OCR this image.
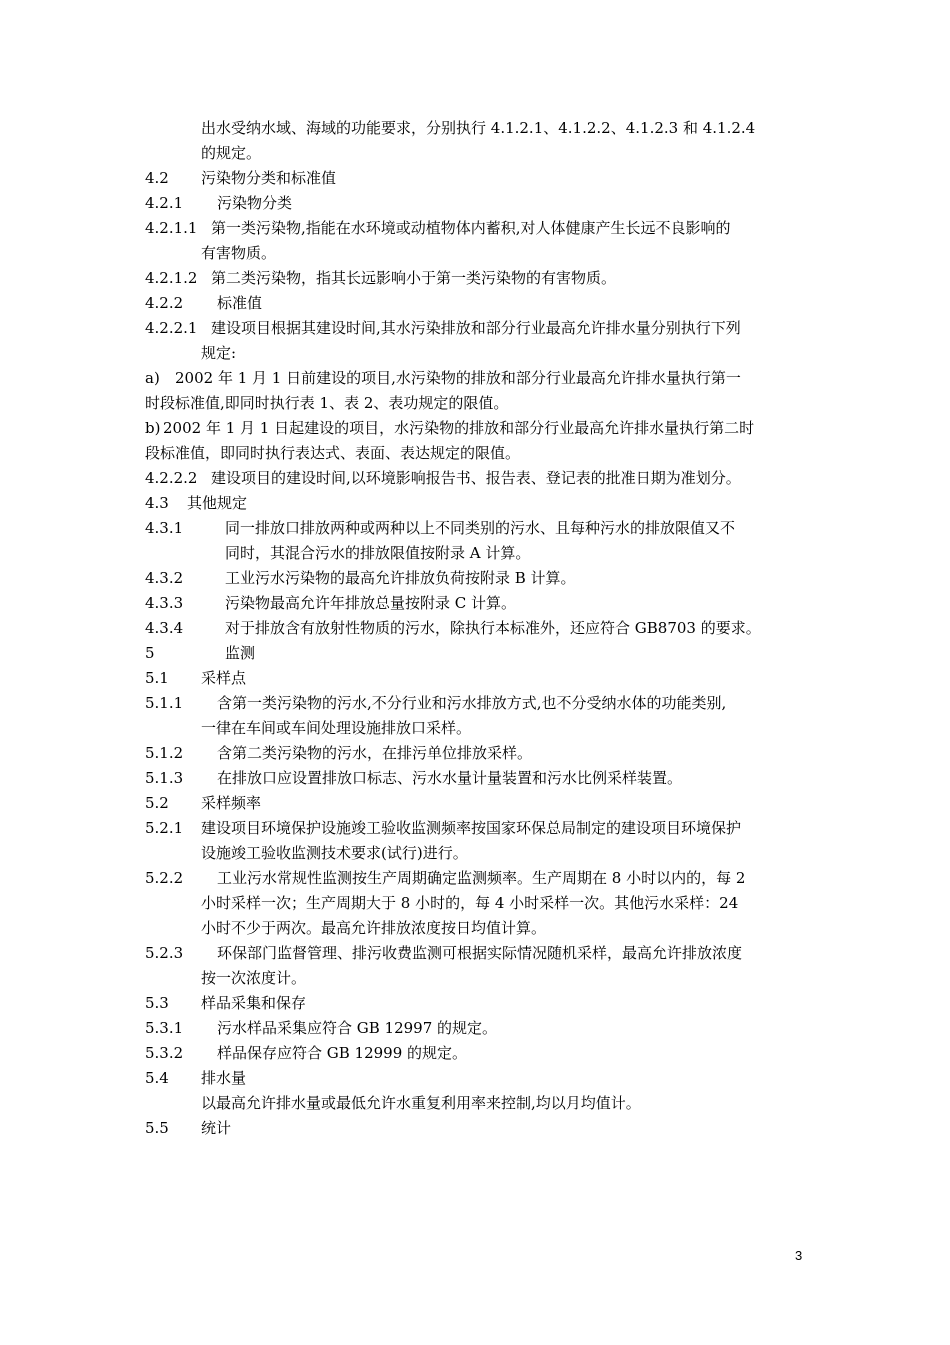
出水受纳水域、海域的功能要求，分别执行 4.1.2.1、4.1.2.2、4.1.2.3 和 4.1.2.4
的规定。
4.2 污染物分类和标准值
4.2.1 污染物分类
4.2.1.1 第一类污染物,指能在水环境或动植物体内蓄积,对人体健康产生长远不良影响的
有害物质。
4.2.1.2 第二类污染物，指其长远影响小于第一类污染物的有害物质。
4.2.2 标准值
4.2.2.1 建设项目根据其建设时间,其水污染排放和部分行业最高允许排水量分别执行下列
规定:
a) 2002 年 1 月 1 日前建设的项目,水污染物的排放和部分行业最高允许排水量执行第一
时段标准值,即同时执行表 1、表 2、表功规定的限值。
b) 2002 年 1 月 1 日起建设的项目，水污染物的排放和部分行业最高允许排水量执行第二时
段标准值，即同时执行表达式、表面、表达规定的限值。
4.2.2.2 建设项目的建设时间,以环境影响报告书、报告表、登记表的批准日期为准划分。
4.3 其他规定
4.3.1	同一排放口排放两种或两种以上不同类别的污水、且每种污水的排放限值又不
同时，其混合污水的排放限值按附录 A 计算。
4.3.2	工业污水污染物的最高允许排放负荷按附录 B 计算。
4.3.3	污染物最高允许年排放总量按附录 C 计算。
4.3.4	对于排放含有放射性物质的污水，除执行本标准外，还应符合 GB8703 的要求。
5	监测
5.1 采样点
5.1.1 含第一类污染物的污水,不分行业和污水排放方式,也不分受纳水体的功能类别,
一律在车间或车间处理设施排放口采样。
5.1.2 含第二类污染物的污水，在排污单位排放采样。
5.1.3 在排放口应设置排放口标志、污水水量计量装置和污水比例采样装置。
5.2 采样频率
5.2.1 建设项目环境保护设施竣工验收监测频率按国家环保总局制定的建设项目环境保护
设施竣工验收监测技术要求(试行)进行。
5.2.2 工业污水常规性监测按生产周期确定监测频率。生产周期在 8 小时以内的，每 2
小时采样一次；生产周期大于 8 小时的，每 4 小时采样一次。其他污水采样：24
小时不少于两次。最高允许排放浓度按日均值计算。
5.2.3 环保部门监督管理、排污收费监测可根据实际情况随机采样，最高允许排放浓度
按一次浓度计。
5.3 样品采集和保存
5.3.1 污水样品采集应符合 GB 12997 的规定。
5.3.2 样品保存应符合 GB 12999 的规定。
5.4 排水量
以最高允许排水量或最低允许水重复利用率来控制,均以月均值计。
5.5 统计
3
